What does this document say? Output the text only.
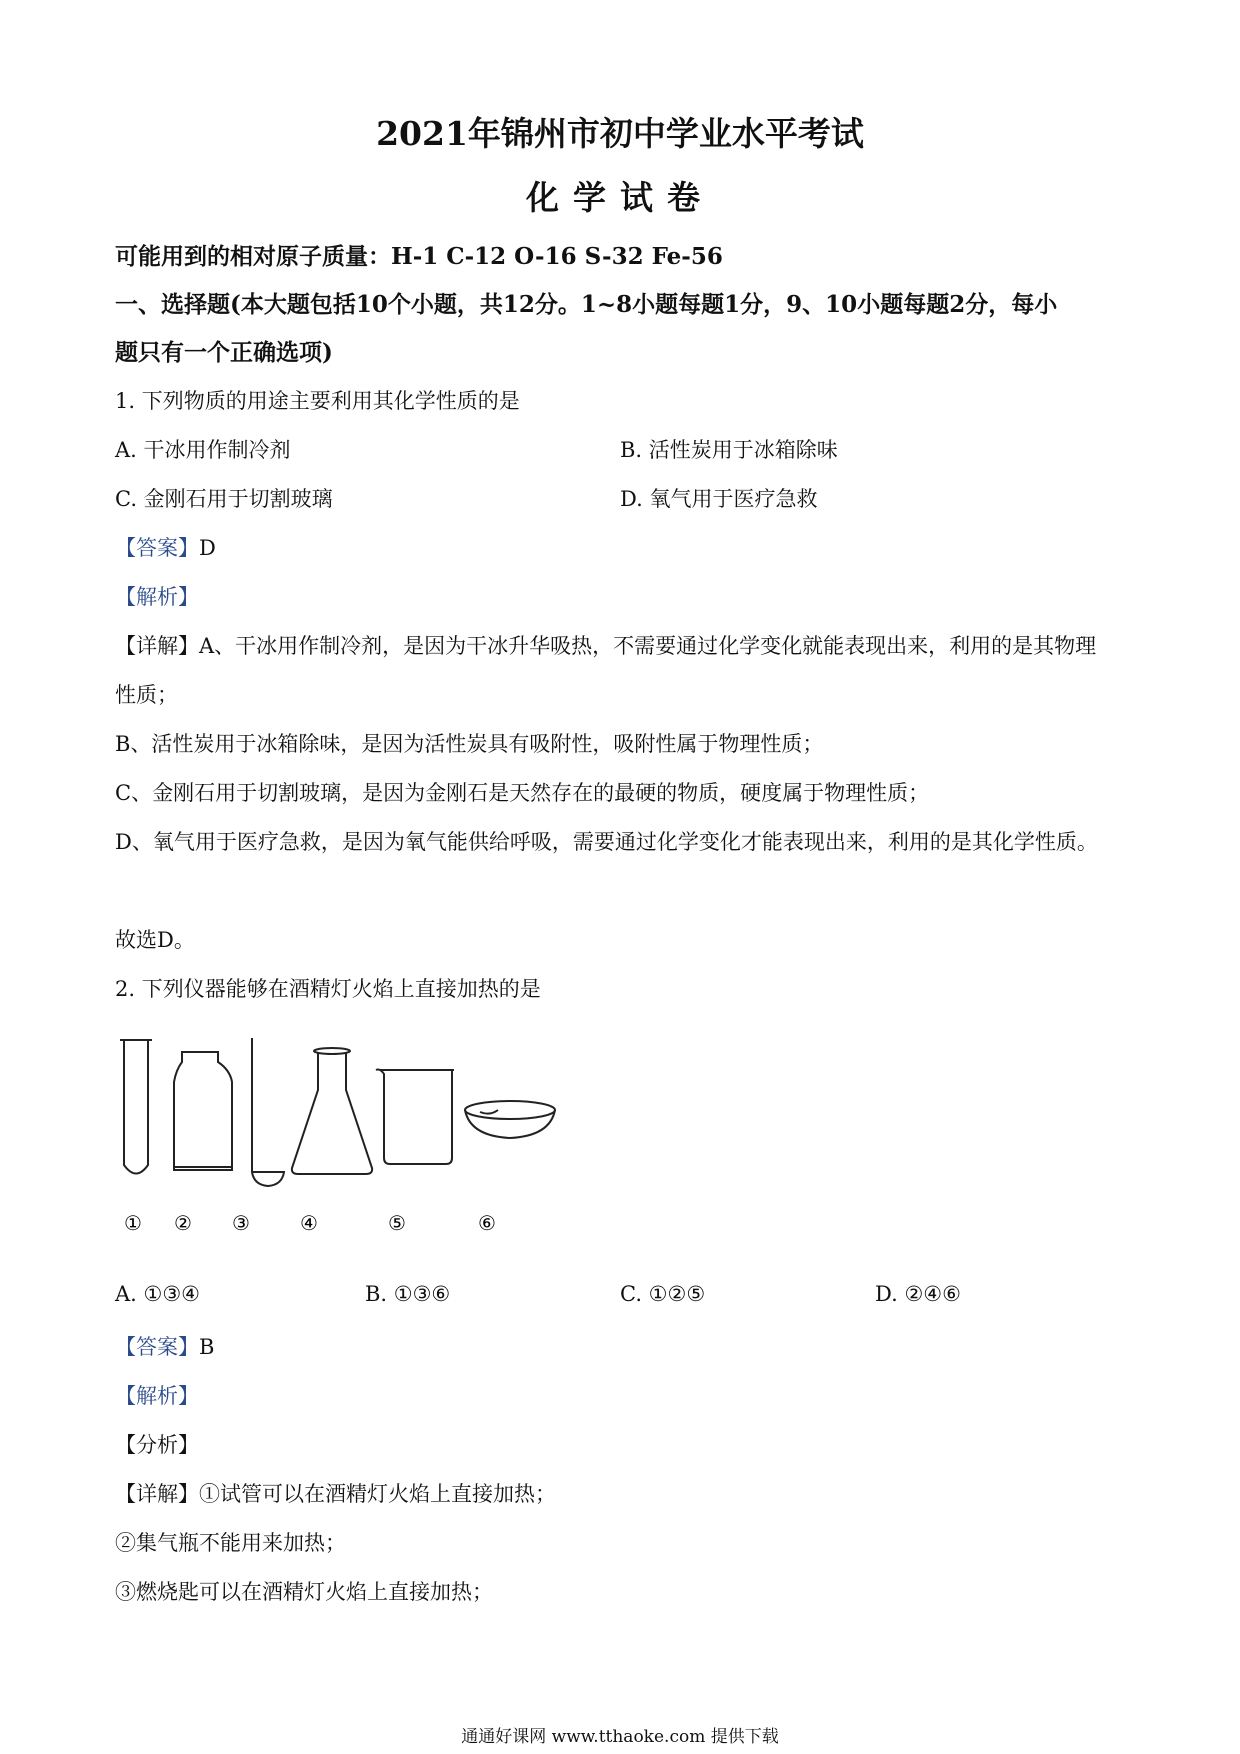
2021年锦州市初中学业水平考试
化学试卷
可能用到的相对原子质量：H-1 C-12 O-16 S-32 Fe-56
一、选择题(本大题包括10个小题，共12分。1~8小题每题1分，9、10小题每题2分，每小
题只有一个正确选项)
1. 下列物质的用途主要利用其化学性质的是
A. 干冰用作制冷剂	B. 活性炭用于冰箱除味
C. 金刚石用于切割玻璃	D. 氧气用于医疗急救
【答案】D
【解析】
【详解】A、干冰用作制冷剂，是因为干冰升华吸热，不需要通过化学变化就能表现出来，利用的是其物理
性质；
B、活性炭用于冰箱除味，是因为活性炭具有吸附性，吸附性属于物理性质；
C、金刚石用于切割玻璃，是因为金刚石是天然存在的最硬的物质，硬度属于物理性质；
D、氧气用于医疗急救，是因为氧气能供给呼吸，需要通过化学变化才能表现出来，利用的是其化学性质。
故选D。
2. 下列仪器能够在酒精灯火焰上直接加热的是
① ② ③	④	⑤	⑥
A. ①③④	B. ①③⑥	C. ①②⑤	D. ②④⑥
【答案】B
【解析】
【分析】
【详解】①试管可以在酒精灯火焰上直接加热；
②集气瓶不能用来加热；
③燃烧匙可以在酒精灯火焰上直接加热；
通通好课网 www.tthaoke.com 提供下载
